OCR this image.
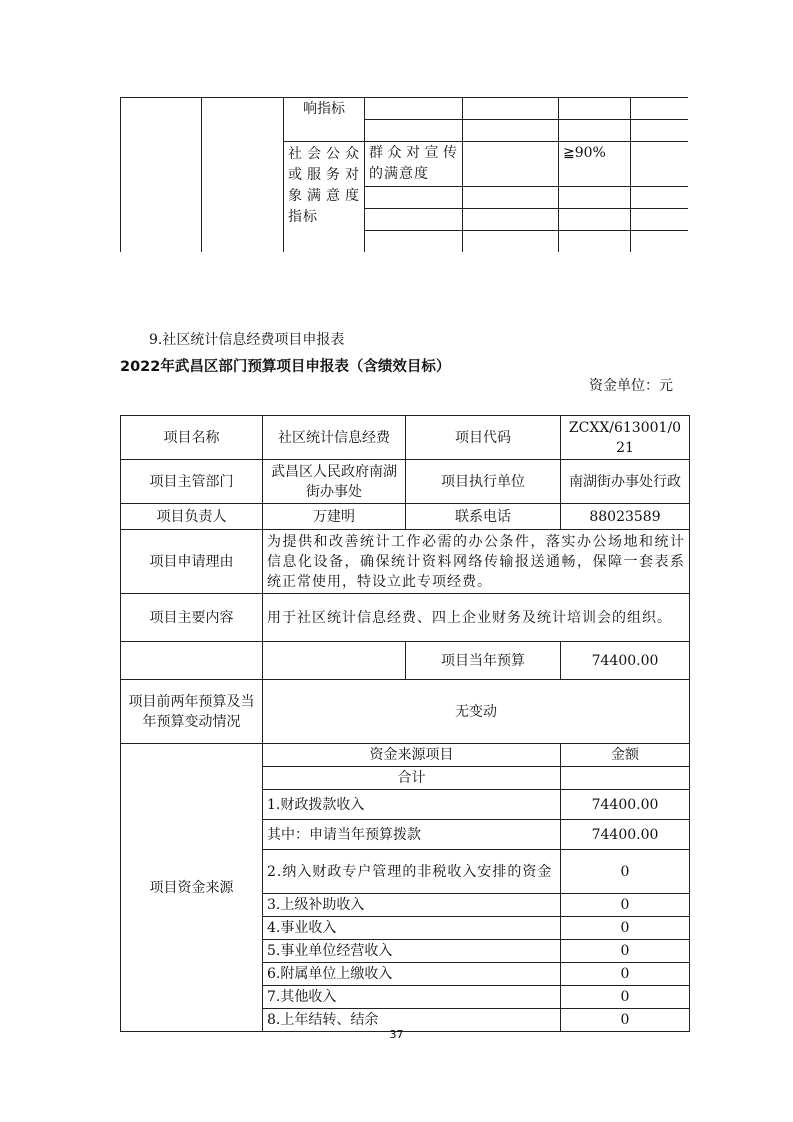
		响指标				

		社会公众或服务对象满意度指标	群众对宣传的满意度		≧90%	

9.社区统计信息经费项目申报表
2022年武昌区部门预算项目申报表（含绩效目标）
资金单位：元
项目名称	社区统计信息经费	项目代码	ZCXX/613001/021
项目主管部门	武昌区人民政府南湖街办事处	项目执行单位	南湖街办事处行政
项目负责人	万建明	联系电话	88023589
项目申请理由	为提供和改善统计工作必需的办公条件，落实办公场地和统计信息化设备，确保统计资料网络传输报送通畅，保障一套表系统正常使用，特设立此专项经费。		
项目主要内容	用于社区统计信息经费、四上企业财务及统计培训会的组织。		
		项目当年预算	74400.00
项目前两年预算及当年预算变动情况	无变动		
项目资金来源	资金来源项目		金额
	合计		
	1.财政拨款收入		74400.00
	其中：申请当年预算拨款		74400.00
	2.纳入财政专户管理的非税收入安排的资金		0
	3.上级补助收入		0
	4.事业收入		0
	5.事业单位经营收入		0
	6.附属单位上缴收入		0
	7.其他收入		0
	8.上年结转、结余		0
37
